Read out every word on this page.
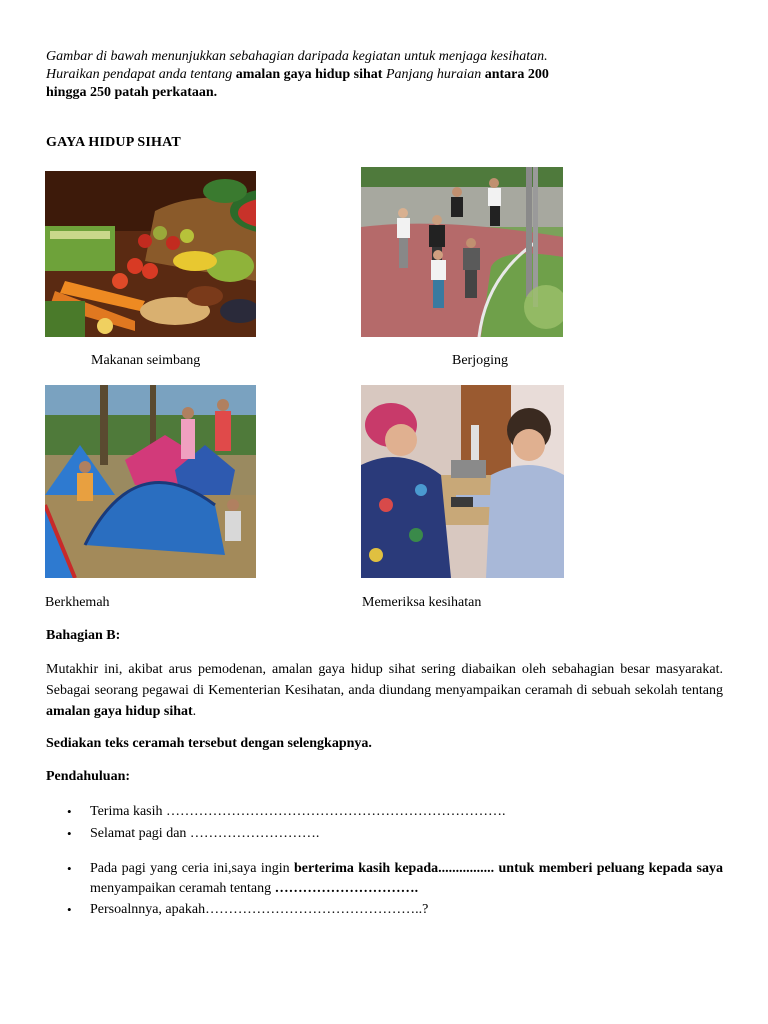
Gambar di bawah menunjukkan sebahagian daripada kegiatan untuk menjaga kesihatan.
Huraikan pendapat anda tentang amalan gaya hidup sihat Panjang huraian antara 200
hingga 250 patah perkataan.
GAYA HIDUP SIHAT
Makanan seimbang	Berjoging
Berkhemah	Memeriksa kesihatan
Bahagian B:
Mutakhir ini, akibat arus pemodenan, amalan gaya hidup sihat sering diabaikan oleh sebahagian besar masyarakat. Sebagai seorang pegawai di Kementerian Kesihatan, anda diundang menyampaikan ceramah di sebuah sekolah tentang amalan gaya hidup sihat.
Sediakan teks ceramah tersebut dengan selengkapnya.
Pendahuluan:
• Terima kasih ……………………………………………………………….
• Selamat pagi dan ……………………….
• Pada pagi yang ceria ini,saya ingin berterima kasih kepada................ untuk memberi peluang kepada saya menyampaikan ceramah tentang ………………………….
• Persoalnnya, apakah………………………………………..?
